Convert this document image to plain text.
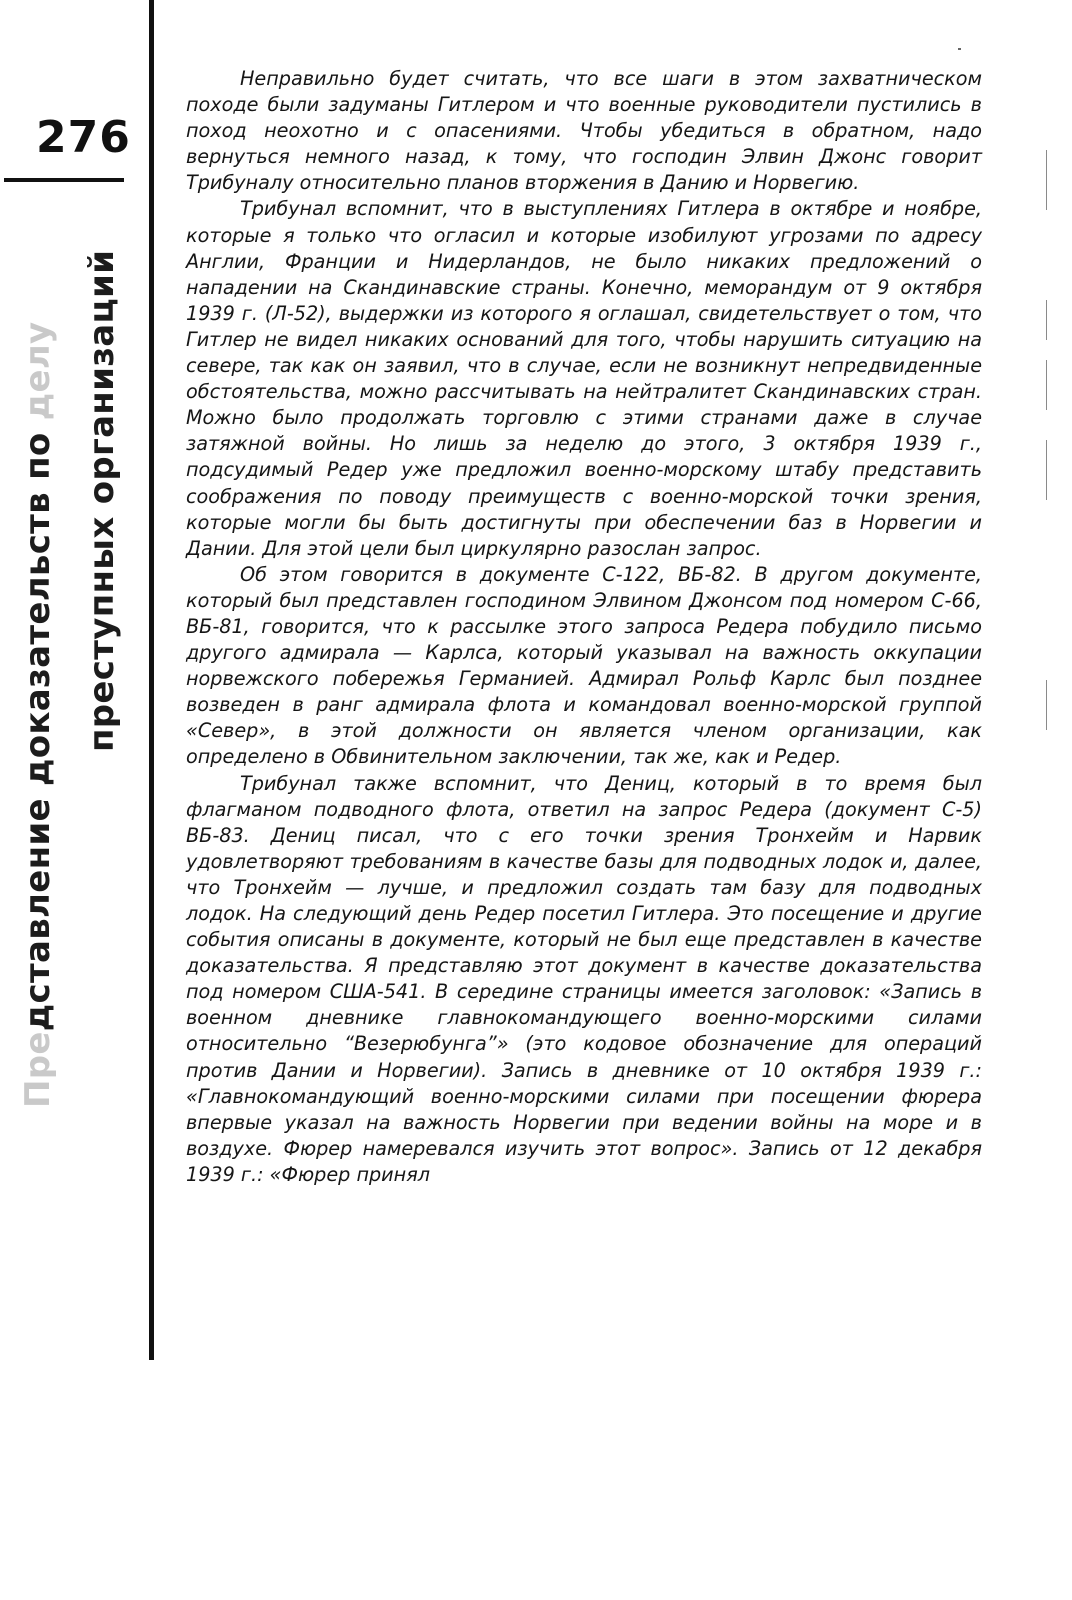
276
Представление доказательств по делу преступных организаций

Неправильно будет считать, что все шаги в этом захватническом походе были задуманы Гитлером и что военные руководители пустились в поход неохотно и с опасениями. Чтобы убедиться в обратном, надо вернуться немного назад, к тому, что господин Элвин Джонс говорит Трибуналу относительно планов вторжения в Данию и Норвегию.

Трибунал вспомнит, что в выступлениях Гитлера в октябре и ноябре, которые я только что огласил и которые изобилуют угрозами по адресу Англии, Франции и Нидерландов, не было никаких предложений о нападении на Скандинавские страны. Конечно, меморандум от 9 октября 1939 г. (Л-52), выдержки из которого я оглашал, свидетельствует о том, что Гитлер не видел никаких оснований для того, чтобы нарушить ситуацию на севере, так как он заявил, что в случае, если не возникнут непредвиденные обстоятельства, можно рассчитывать на нейтралитет Скандинавских стран. Можно было продолжать торговлю с этими странами даже в случае затяжной войны. Но лишь за неделю до этого, 3 октября 1939 г., подсудимый Редер уже предложил военно-морскому штабу представить соображения по поводу преимуществ с военно-морской точки зрения, которые могли бы быть достигнуты при обеспечении баз в Норвегии и Дании. Для этой цели был циркулярно разослан запрос.

Об этом говорится в документе С-122, ВБ-82. В другом документе, который был представлен господином Элвином Джонсом под номером С-66, ВБ-81, говорится, что к рассылке этого запроса Редера побудило письмо другого адмирала — Карлса, который указывал на важность оккупации норвежского побережья Германией. Адмирал Рольф Карлс был позднее возведен в ранг адмирала флота и командовал военно-морской группой «Север», в этой должности он является членом организации, как определено в Обвинительном заключении, так же, как и Редер.

Трибунал также вспомнит, что Дениц, который в то время был флагманом подводного флота, ответил на запрос Редера (документ С-5) ВБ-83. Дениц писал, что с его точки зрения Тронхейм и Нарвик удовлетворяют требованиям в качестве базы для подводных лодок и, далее, что Тронхейм — лучше, и предложил создать там базу для подводных лодок. На следующий день Редер посетил Гитлера. Это посещение и другие события описаны в документе, который не был еще представлен в качестве доказательства. Я представляю этот документ в качестве доказательства под номером США-541. В середине страницы имеется заголовок: «Запись в военном дневнике главнокомандующего военно-морскими силами относительно “Везерюбунга”» (это кодовое обозначение для операций против Дании и Норвегии). Запись в дневнике от 10 октября 1939 г.: «Главнокомандующий военно-морскими силами при посещении фюрера впервые указал на важность Норвегии при ведении войны на море и в воздухе. Фюрер намеревался изучить этот вопрос». Запись от 12 декабря 1939 г.: «Фюрер принял
